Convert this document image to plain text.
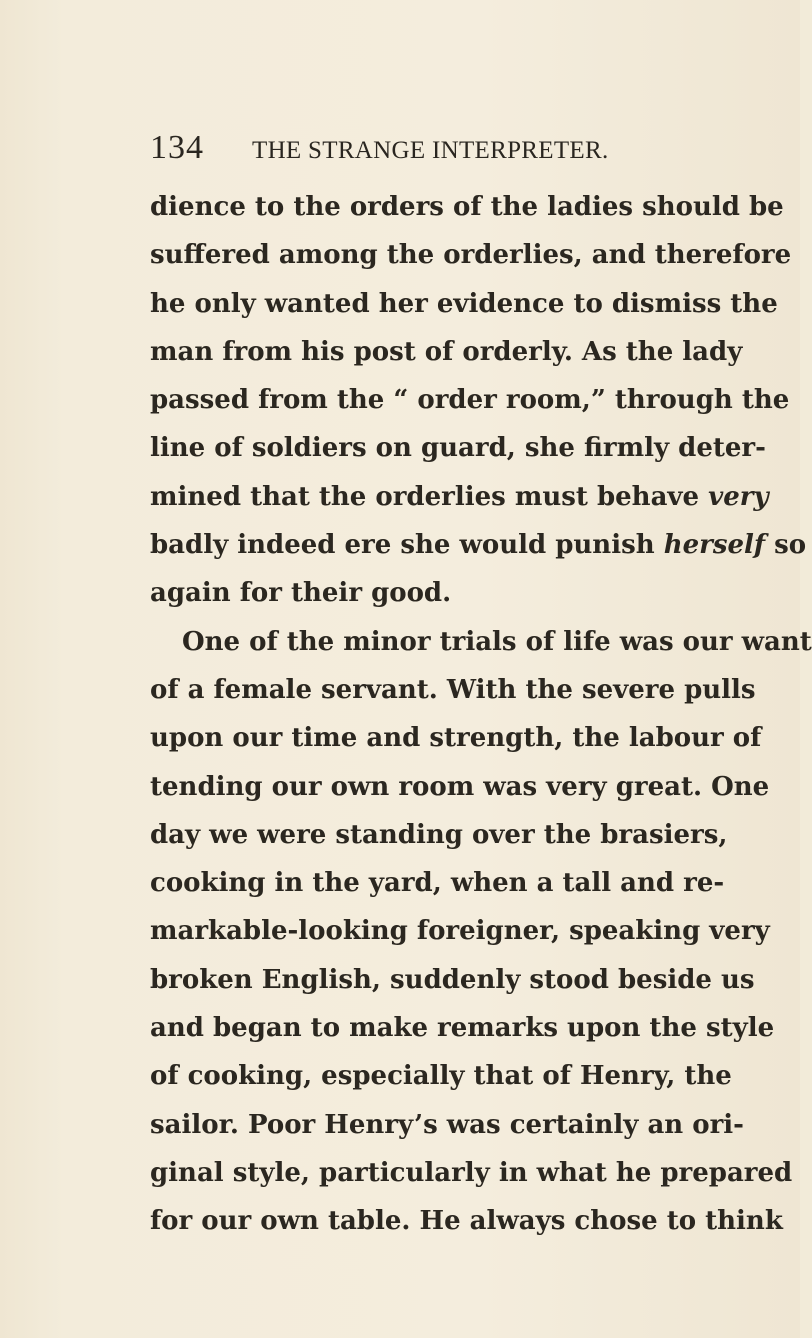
134 THE STRANGE INTERPRETER.
dience to the orders of the ladies should be
suffered among the orderlies, and therefore
he only wanted her evidence to dismiss the
man from his post of orderly. As the lady
passed from the “ order room,” through the
line of soldiers on guard, she firmly deter-
mined that the orderlies must behave very
badly indeed ere she would punish herself so
again for their good.
One of the minor trials of life was our want
of a female servant. With the severe pulls
upon our time and strength, the labour of
tending our own room was very great. One
day we were standing over the brasiers,
cooking in the yard, when a tall and re-
markable-looking foreigner, speaking very
broken English, suddenly stood beside us
and began to make remarks upon the style
of cooking, especially that of Henry, the
sailor. Poor Henry’s was certainly an ori-
ginal style, particularly in what he prepared
for our own table. He always chose to think
